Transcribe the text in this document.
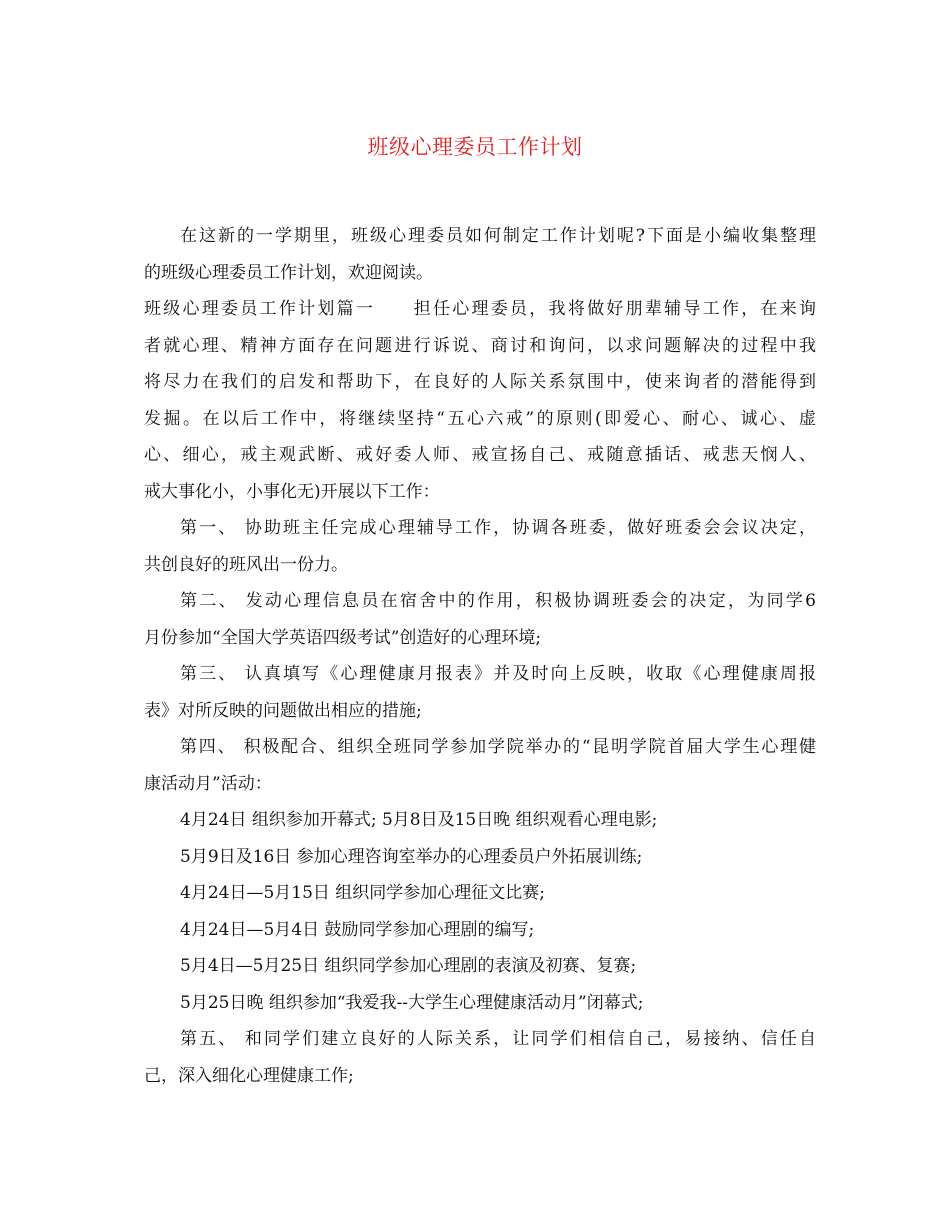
班级心理委员工作计划
在这新的一学期里，班级心理委员如何制定工作计划呢?下面是小编收集整理
的班级心理委员工作计划，欢迎阅读。
班级心理委员工作计划篇一　　担任心理委员，我将做好朋辈辅导工作，在来询
者就心理、精神方面存在问题进行诉说、商讨和询问，以求问题解决的过程中我
将尽力在我们的启发和帮助下，在良好的人际关系氛围中，使来询者的潜能得到
发掘。在以后工作中，将继续坚持“五心六戒”的原则(即爱心、耐心、诚心、虚
心、细心，戒主观武断、戒好委人师、戒宣扬自己、戒随意插话、戒悲天悯人、
戒大事化小，小事化无)开展以下工作：
第一、 协助班主任完成心理辅导工作，协调各班委，做好班委会会议决定，
共创良好的班风出一份力。
第二、 发动心理信息员在宿舍中的作用，积极协调班委会的决定，为同学6
月份参加“全国大学英语四级考试”创造好的心理环境;
第三、 认真填写《心理健康月报表》并及时向上反映，收取《心理健康周报
表》对所反映的问题做出相应的措施;
第四、 积极配合、组织全班同学参加学院举办的“昆明学院首届大学生心理健
康活动月”活动：
4月24日 组织参加开幕式; 5月8日及15日晚 组织观看心理电影;
5月9日及16日 参加心理咨询室举办的心理委员户外拓展训练;
4月24日—5月15日 组织同学参加心理征文比赛;
4月24日—5月4日 鼓励同学参加心理剧的编写;
5月4日—5月25日 组织同学参加心理剧的表演及初赛、复赛;
5月25日晚 组织参加“我爱我--大学生心理健康活动月”闭幕式;
第五、 和同学们建立良好的人际关系，让同学们相信自己，易接纳、信任自
己，深入细化心理健康工作;
